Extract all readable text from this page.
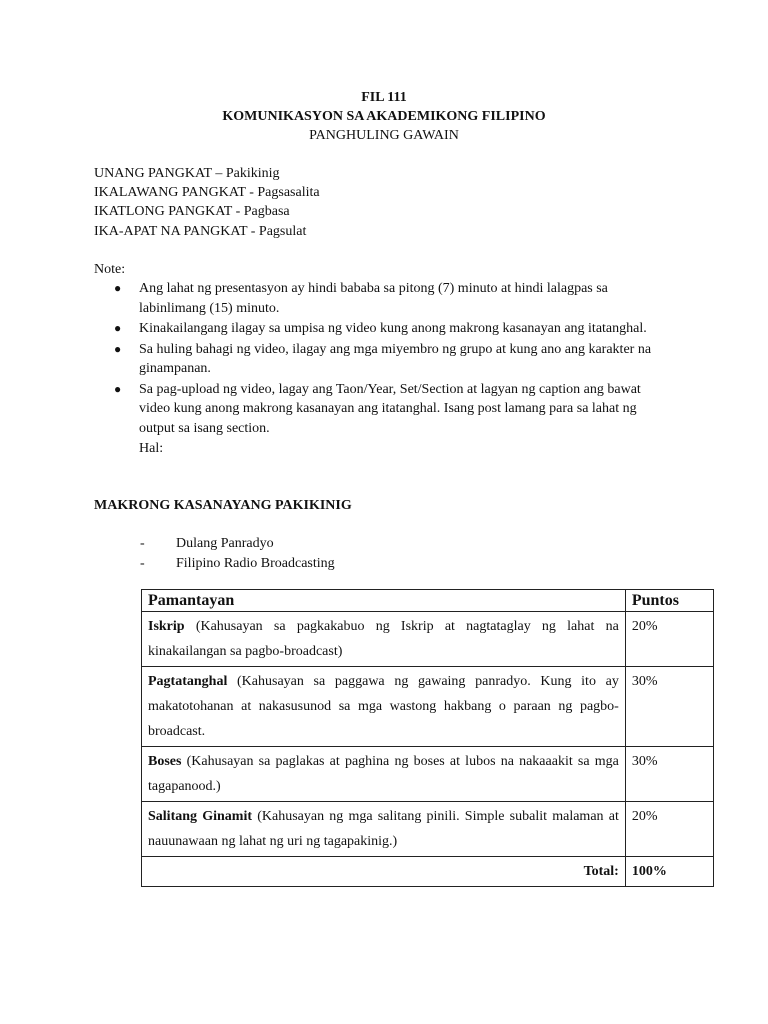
FIL 111
KOMUNIKASYON SA AKADEMIKONG FILIPINO
PANGHULING GAWAIN
UNANG PANGKAT – Pakikinig
IKALAWANG PANGKAT - Pagsasalita
IKATLONG PANGKAT - Pagbasa
IKA-APAT NA PANGKAT - Pagsulat
Note:
● Ang lahat ng presentasyon ay hindi bababa sa pitong (7) minuto at hindi lalagpas sa labinlimang (15) minuto.
● Kinakailangang ilagay sa umpisa ng video kung anong makrong kasanayan ang itatanghal.
● Sa huling bahagi ng video, ilagay ang mga miyembro ng grupo at kung ano ang karakter na ginampanan.
● Sa pag-upload ng video, lagay ang Taon/Year, Set/Section at lagyan ng caption ang bawat video kung anong makrong kasanayan ang itatanghal. Isang post lamang para sa lahat ng output sa isang section.
Hal:
MAKRONG KASANAYANG PAKIKINIG
- Dulang Panradyo
- Filipino Radio Broadcasting
Pamantayan	Puntos
Iskrip (Kahusayan sa pagkakabuo ng Iskrip at nagtataglay ng lahat na kinakailangan sa pagbo-broadcast)	20%
Pagtatanghal (Kahusayan sa paggawa ng gawaing panradyo. Kung ito ay makatotohanan at nakasusunod sa mga wastong hakbang o paraan ng pagbo-broadcast.	30%
Boses (Kahusayan sa paglakas at paghina ng boses at lubos na nakaaakit sa mga tagapanood.)	30%
Salitang Ginamit (Kahusayan ng mga salitang pinili. Simple subalit malaman at nauunawaan ng lahat ng uri ng tagapakinig.)	20%
Total:	100%
